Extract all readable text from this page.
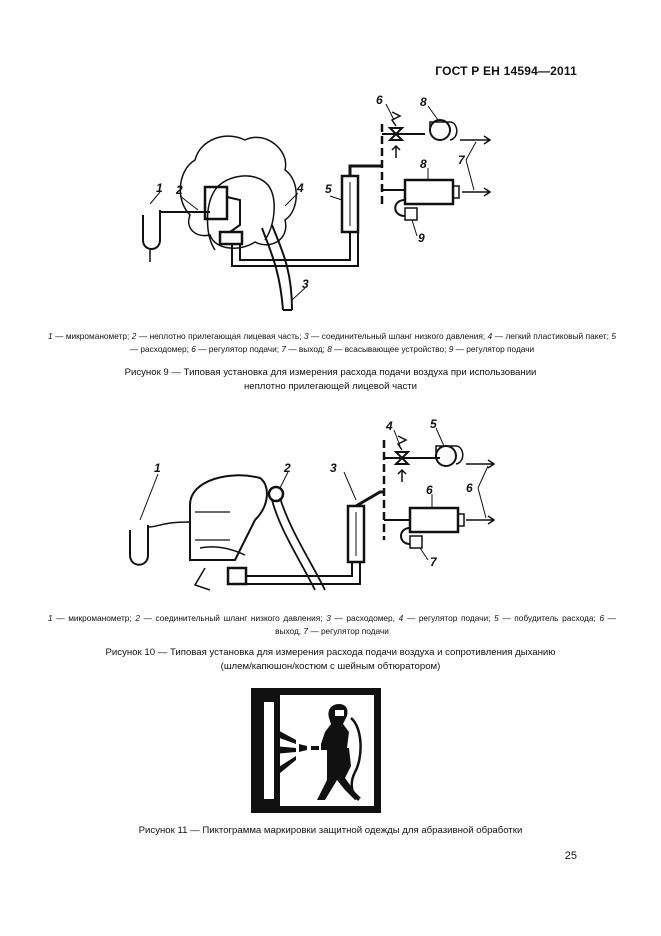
ГОСТ Р ЕН 14594—2011
1 2
3
4 5
6
7
8
8
9
1 — микроманометр; 2 — неплотно прилегающая лицевая часть; 3 — соединительный шланг низкого давления; 4 — легкий пластиковый пакет; 5 — расходомер; 6 — регулятор подачи; 7 — выход; 8 — всасывающее устройство; 9 — регулятор подачи
Рисунок 9 — Типовая установка для измерения расхода подачи воздуха при использовании
неплотно прилегающей лицевой части
1	2	3
4	5
6	6
7
1 — микроманометр; 2 — соединительный шланг низкого давления; 3 — расходомер, 4 — регулятор подачи; 5 — побудитель расхода; 6 — выход, 7 — регулятор подачи
Рисунок 10 — Типовая установка для измерения расхода подачи воздуха и сопротивления дыханию
(шлем/капюшон/костюм с шейным обтюратором)
Рисунок 11 — Пиктограмма маркировки защитной одежды для абразивной обработки
25
